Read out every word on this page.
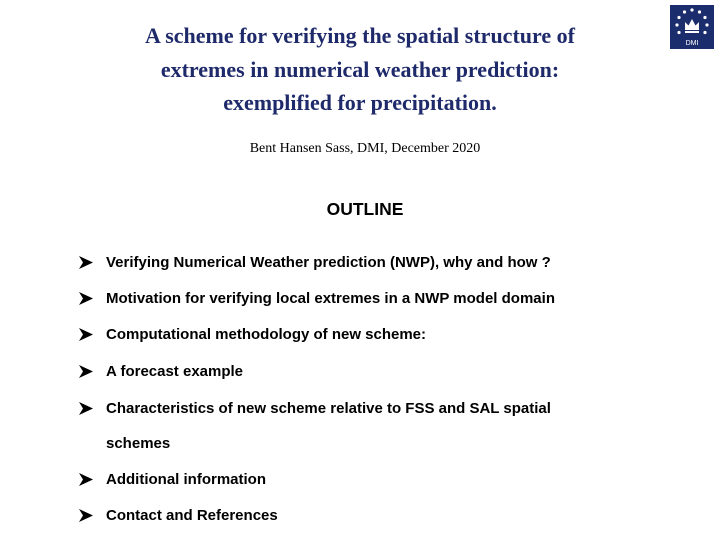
A scheme for verifying the spatial structure of
extremes in numerical weather prediction:
exemplified for precipitation.
DMI
Bent Hansen Sass, DMI, December 2020
OUTLINE
Verifying Numerical Weather prediction (NWP), why and how ?
Motivation for verifying local extremes in a NWP model domain
Computational methodology of new scheme:
A forecast example
Characteristics of new scheme relative to FSS and SAL spatial
schemes
Additional information
Contact and References
